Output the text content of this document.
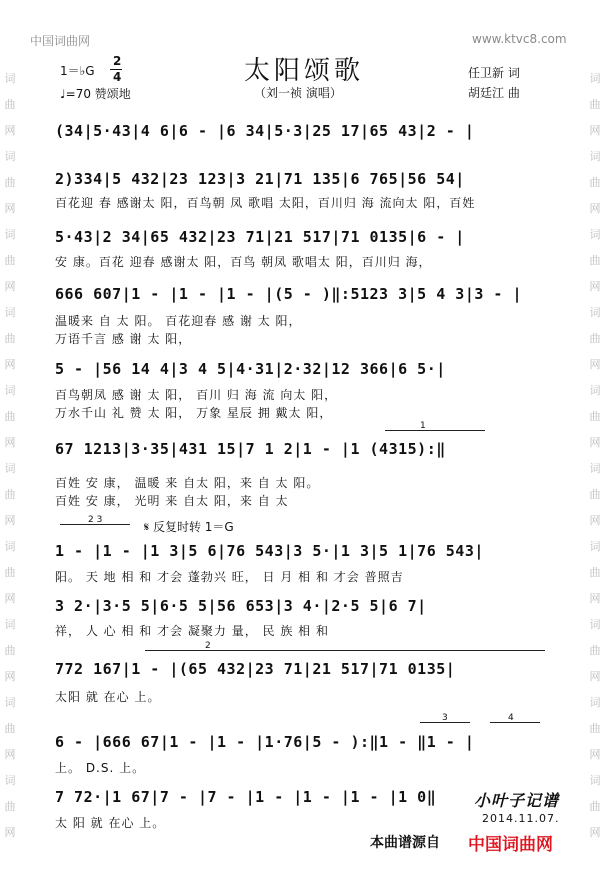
中国词曲网	www.ktvc8.com
词
曲
网
词
曲
网
词
曲
网
词
曲
网
词
曲
网
词
曲
网
词
曲
网
词
曲
网
词
曲
网
词
曲
网
词
曲
网
词
曲
网
词
曲
网
词
曲
网
词
曲
网
词
曲
网
词
曲
网
词
曲
网
词
曲
网
词
曲
网
太阳颂歌
（刘一祯 演唱）
1＝♭G
2
4
♩=70 赞颂地
任卫新 词
胡廷江 曲
(34|5·43|4 6|6 - |6 34|5·3|25 17|65 43|2 - |
2)334|5 432|23 123|3 21|71 135|6 765|56 54|
百花迎 春 感谢太 阳，百鸟朝 凤 歌唱 太阳，百川归 海 流向太 阳，百姓
5·43|2 34|65 432|23 71|21 517|71 0135|6 - |
安 康。百花 迎春 感谢太 阳，百鸟 朝凤 歌唱太 阳，百川归 海，
666 607|1 - |1 - |1 - |(5 - )‖:5123 3|5 4 3|3 - |
温暖来 自 太 阳。 百花迎春 感 谢 太 阳，
万语千言 感 谢 太 阳，
5 - |56 14 4|3 4 5|4·31|2·32|12 366|6 5·|
百鸟朝凤 感 谢 太 阳， 百川 归 海 流 向太 阳，
万水千山 礼 赞 太 阳， 万象 星辰 拥 戴太 阳，
1
67 1213|3·35|431 15|7 1 2|1 - |1 (4315):‖
百姓 安 康， 温暖 来 自太 阳，来 自 太 阳。
百姓 安 康， 光明 来 自太 阳，来 自 太
2 3	𝄋 反复时转 1＝G
1 - |1 - |1 3|5 6|76 543|3 5·|1 3|5 1|76 543|
阳。 天 地 相 和 才会 蓬勃兴 旺， 日 月 相 和 才会 普照吉
3 2·|3·5 5|6·5 5|56 653|3 4·|2·5 5|6 7|
祥， 人 心 相 和 才会 凝聚力 量， 民 族 相 和
2
772 167|1 - |(65 432|23 71|21 517|71 0135|
太阳 就 在心 上。
3	4
6 - |666 67|1 - |1 - |1·76|5 - ):‖1 - ‖1 - |
上。 D.S. 上。
7 72·|1 67|7 - |7 - |1 - |1 - |1 - |1 0‖
太 阳 就 在心 上。
小叶子记谱
2014.11.07.
本曲谱源自 中国词曲网
